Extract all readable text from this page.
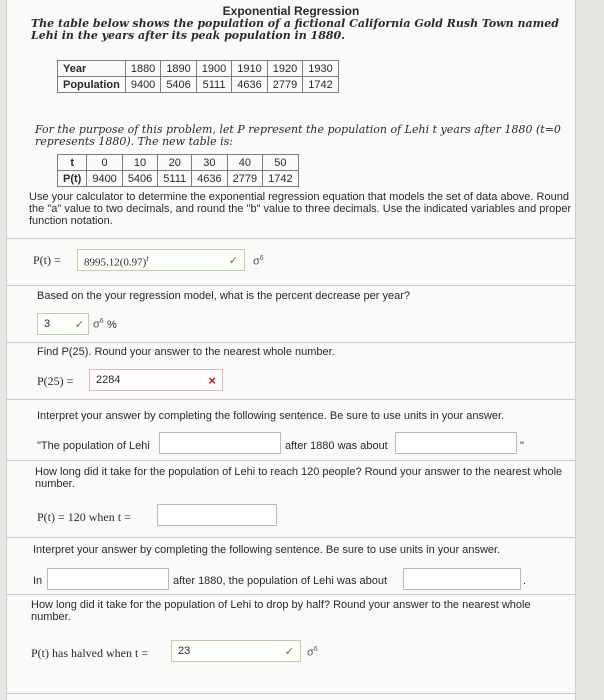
Exponential Regression
The table below shows the population of a fictional California Gold Rush Town named Lehi in the years after its peak population in 1880.
Year	1880	1890	1900	1910	1920	1930
Population	9400	5406	5111	4636	2779	1742
For the purpose of this problem, let P represent the population of Lehi t years after 1880 (t=0
represents 1880). The new table is:
t	0	10	20	30	40	50
P(t)	9400	5406	5111	4636	2779	1742
Use your calculator to determine the exponential regression equation that models the set of data above. Round the "a" value to two decimals, and round the "b" value to three decimals. Use the indicated variables and proper function notation.
P(t) =	$8995.12(0.97)^t$	✓ $\sigma^6$
Based on the your regression model, what is the percent decrease per year?
3 ✓ $\sigma^6$ %
Find P(25). Round your answer to the nearest whole number.
P(25) =	2284	×
Interpret your answer by completing the following sentence. Be sure to use units in your answer.
"The population of Lehi	after 1880 was about	"
How long did it take for the population of Lehi to reach 120 people? Round your answer to the nearest whole number.
P(t) = 120 when t =
Interpret your answer by completing the following sentence. Be sure to use units in your answer.
In	after 1880, the population of Lehi was about	.
How long did it take for the population of Lehi to drop by half? Round your answer to the nearest whole number.
P(t) has halved when t =	23	✓ $\sigma^6$
